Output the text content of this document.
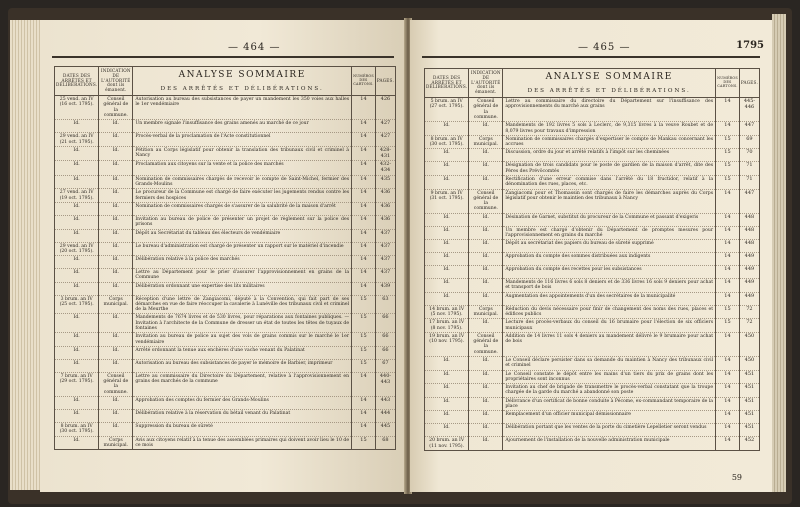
— 464 —
DATES DES ARRÊTÉS ET DÉLIBÉRATIONS.	INDICATION DE L'AUTORITÉ dont ils émanent.	ANALYSE SOMMAIRE
DES ARRÊTÉS ET DÉLIBÉRATIONS.	NUMÉROS DES CARTONS.	PAGES.
25 vend. an IV (16 oct. 1795).	Conseil général de la commune.	Autorisation au bureau des subsistances de payer un mandement les 350 voies aux halles le 1er vendémiaire	14	426
Id.	Id.	Un membre signale l'insuffisance des grains amenés au marché de ce jour	14	427
29 vend. an IV (21 oct. 1795).	Id.	Procès-verbal de la proclamation de l'Acte constitutionnel	14	427
Id.	Id.	Pétition au Corps législatif pour obtenir la translation des tribunaux civil et criminel à Nancy	14	428-431
Id.	Id.	Proclamation aux citoyens sur la vente et la police des marchés	14	432-434
Id.	Id.	Nomination de commissaires chargés de recevoir le compte de Saint-Michel, fermier des Grands-Moulins	14	435
27 vend. an IV (19 oct. 1795).	Id.	Le procureur de la Commune est chargé de faire exécuter les jugements rendus contre les fermiers des hospices	14	436
Id.	Id.	Nomination de commissaires chargés de s'assurer de la salubrité de la maison d'arrêt	14	436
Id.	Id.	Invitation au bureau de police de présenter un projet de règlement sur la police des prisons	14	436
Id.	Id.	Dépôt au Secrétariat du tableau des électeurs de vendémiaire	14	437
29 vend. an IV (20 oct. 1795).	Id.	Le bureau d'administration est chargé de présenter un rapport sur le matériel d'incendie	14	437
Id.	Id.	Délibération relative à la police des marchés	14	437
Id.	Id.	Lettre au Département pour le prier d'assurer l'approvisionnement en grains de la Commune	14	437
Id.	Id.	Délibération ordonnant une expertise des lits militaires	14	439
3 brum. an IV (25 oct. 1795).	Corps municipal.	Réception d'une lettre de Zangiacomi, député à la Convention, qui fait part de ses démarches en vue de faire réoccuper la cavalerie à Lunéville des tribunaux civil et criminel de la Meurthe	15	63
Id.	Id.	Mandements de 7674 livres et de 530 livres, pour réparations aux fontaines publiques. — Invitation à l'architecte de la Commune de dresser un état de toutes les têtes de tuyaux de fontaines	15	66
Id.	Id.	Invitation au bureau de police au sujet des vols de grains commis sur le marché le 1er vendémiaire	15	66
Id.	Id.	Arrêté ordonnant la tenue aux enchères d'une vache venant du Palatinat	15	66
Id.	Id.	Autorisation au bureau des subsistances de payer le mémoire de Barbier, imprimeur	15	67
7 brum. an IV (29 oct. 1795).	Conseil général de la commune.	Lettre au commissaire du Directoire du Département, relative à l'approvisionnement en grains des marchés de la commune	14	440-443
Id.	Id.	Approbation des comptes du fermier des Grands-Moulins	14	443
Id.	Id.	Délibération relative à la réservation du bétail venant du Palatinat	14	444
8 brum. an IV (30 oct. 1795).	Id.	Suppression du bureau de sûreté	14	445
Id.	Corps municipal.	Avis aux citoyens relatif à la tenue des assemblées primaires qui doivent avoir lieu le 10 de ce mois	15	68
— 465 —	1795
DATES DES ARRÊTÉS ET DÉLIBÉRATIONS.	INDICATION DE L'AUTORITÉ dont ils émanent.	ANALYSE SOMMAIRE
DES ARRÊTÉS ET DÉLIBÉRATIONS.	NUMÉROS DES CARTONS.	PAGES.
5 brum. an IV (27 oct. 1795).	Conseil général de la commune.	Lettre au commissaire du directoire du Département sur l'insuffisance des approvisionnements du marché aux grains	14	445-446
Id.	Id.	Mandements de 192 livres 5 sols à Leclerc, de 9,315 livres à la veuve Roubet et de 8,079 livres pour travaux d'impression	14	447
8 brum. an IV (30 oct. 1795).	Corps municipal.	Nomination de commissaires chargés d'expertiser le compte de Mankau concernant les accrues	15	69
Id.	Id.	Discussion, ordre du jour et arrêté relatifs à l'impôt sur les cheminées	15	70
Id.	Id.	Désignation de trois candidats pour le poste de gardien de la maison d'arrêt, dite des Pères des Prévôcomtés	15	71
Id.	Id.	Rectification d'une erreur commise dans l'arrêté du 18 fructidor, relatif à la dénomination des rues, places, etc.	15	71
9 brum. an IV (31 oct. 1795).	Conseil général de la commune.	Zangiacomi pour et Thomassin sont chargés de faire les démarches auprès du Corps législatif pour obtenir le maintien des tribunaux à Nancy	14	447
Id.	Id.	Désination de Garnet, substitut du procureur de la Commune et passant d'exigeris	14	448
Id.	Id.	Un membre est chargé d'obtenir du Département de promptes mesures pour l'approvisionnement en grains du marché	14	448
Id.	Id.	Dépôt au secrétariat des papiers du bureau de sûreté supprimé	14	448
Id.	Id.	Approbation du compte des sommes distribuées aux indigents	14	449
Id.	Id.	Approbation du compte des recettes pour les subsistances	14	449
Id.	Id.	Mandements de 116 livres 6 sols 8 deniers et de 336 livres 16 sols 9 deniers pour achat et transport de bois	14	449
Id.	Id.	Augmentation des appointements d'un des secrétaires de la municipalité	14	449
14 brum. an IV (5 nov. 1795).	Corps municipal.	Réduction du devis nécessaire pour finir de changement des noms des rues, places et édifices publics	15	72
17 brum. an IV (8 nov. 1795).	Id.	Lecture des procès-verbaux du conseil du 16 brumaire pour l'élection de six officiers municipaux	15	72
19 brum. an IV (10 nov. 1795).	Conseil général de la commune.	Addition de 14 livres 11 sols 4 deniers au mandement délivré le 9 brumaire pour achat de bois	14	450
Id.	Id.	Le Conseil déclare persister dans sa demande du maintien à Nancy des tribunaux civil et criminel	14	450
Id.	Id.	Le Conseil constate le dépôt entre les mains d'un tiers du prix de grains dont les propriétaires sont inconnus	14	451
Id.	Id.	Invitation au chef de brigade de transmettre le procès-verbal constatant que la troupe chargée de la garde du marché a abandonné son poste	14	451
Id.	Id.	Délivrance d'un certificat de bonne conduite à Pécome, ex-commandant temporaire de la place	14	451
Id.	Id.	Remplacement d'un officier municipal démissionnaire	14	451
Id.	Id.	Délibération portant que les ventes de la porte du cimetière Lepelletier seront vendus	14	451
20 brum. an IV (11 nov. 1795).	Id.	Ajournement de l'installation de la nouvelle administration municipale	14	452
59
